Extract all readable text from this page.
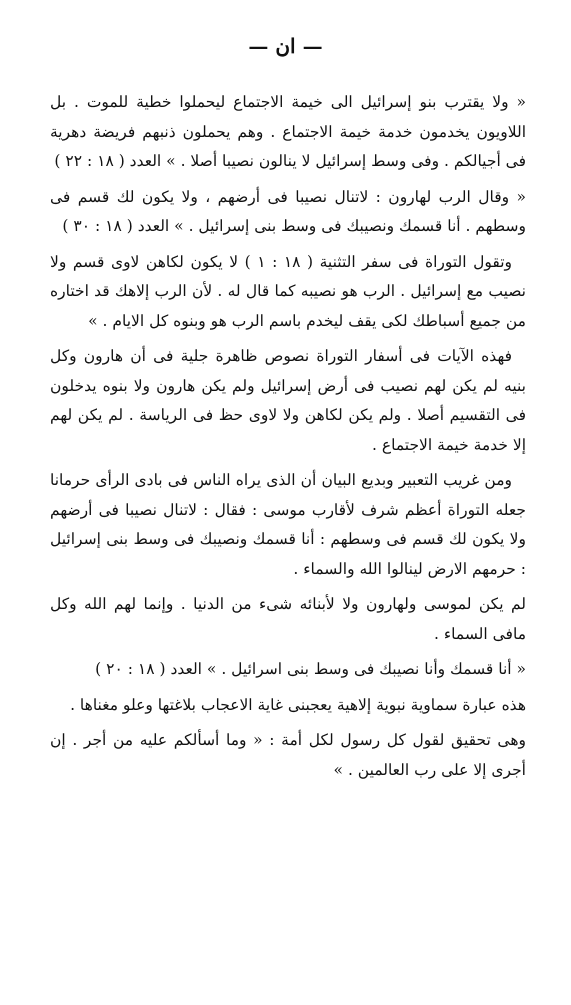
— ان —

« ولا يقترب بنو إسرائيل الى خيمة الاجتماع ليحملوا خطية للموت . بل اللاويون يخدمون خدمة خيمة الاجتماع . وهم يحملون ذنبهم فريضة دهرية فى أجيالكم . وفى وسط إسرائيل لا ينالون نصيبا أصلا . » العدد ( ١٨ : ٢٢ )

« وقال الرب لهارون : لاتنال نصيبا فى أرضهم ، ولا يكون لك قسم فى وسطهم . أنا قسمك ونصيبك فى وسط بنى إسرائيل . » العدد ( ١٨ : ٣٠ )

وتقول التوراة فى سفر التثنية ( ١٨ : ١ ) لا يكون لكاهن لاوى قسم ولا نصيب مع إسرائيل . الرب هو نصيبه كما قال له . لأن الرب إلاهك قد اختاره من جميع أسباطك لكى يقف ليخدم باسم الرب هو وبنوه كل الايام . »

فهذه الآيات فى أسفار التوراة نصوص ظاهرة جلية فى أن هارون وكل بنيه لم يكن لهم نصيب فى أرض إسرائيل ولم يكن هارون ولا بنوه يدخلون فى التقسيم أصلا . ولم يكن لكاهن ولا لاوى حظ فى الرياسة . لم يكن لهم إلا خدمة خيمة الاجتماع .

ومن غريب التعبير وبديع البيان أن الذى يراه الناس فى بادى الرأى حرمانا جعله التوراة أعظم شرف لأقارب موسى : فقال : لاتنال نصيبا فى أرضهم ولا يكون لك قسم فى وسطهم : أنا قسمك ونصيبك فى وسط بنى إسرائيل : حرمهم الارض لينالوا الله والسماء .

لم يكن لموسى ولهارون ولا لأبنائه شىء من الدنيا . وإنما لهم الله وكل مافى السماء .

« أنا قسمك وأنا نصيبك فى وسط بنى اسرائيل . » العدد ( ١٨ : ٢٠ )

هذه عبارة سماوية نبوية إلاهية يعجبنى غاية الاعجاب بلاغتها وعلو مغناها .

وهى تحقيق لقول كل رسول لكل أمة : « وما أسألكم عليه من أجر . إن أجرى إلا على رب العالمين . »
